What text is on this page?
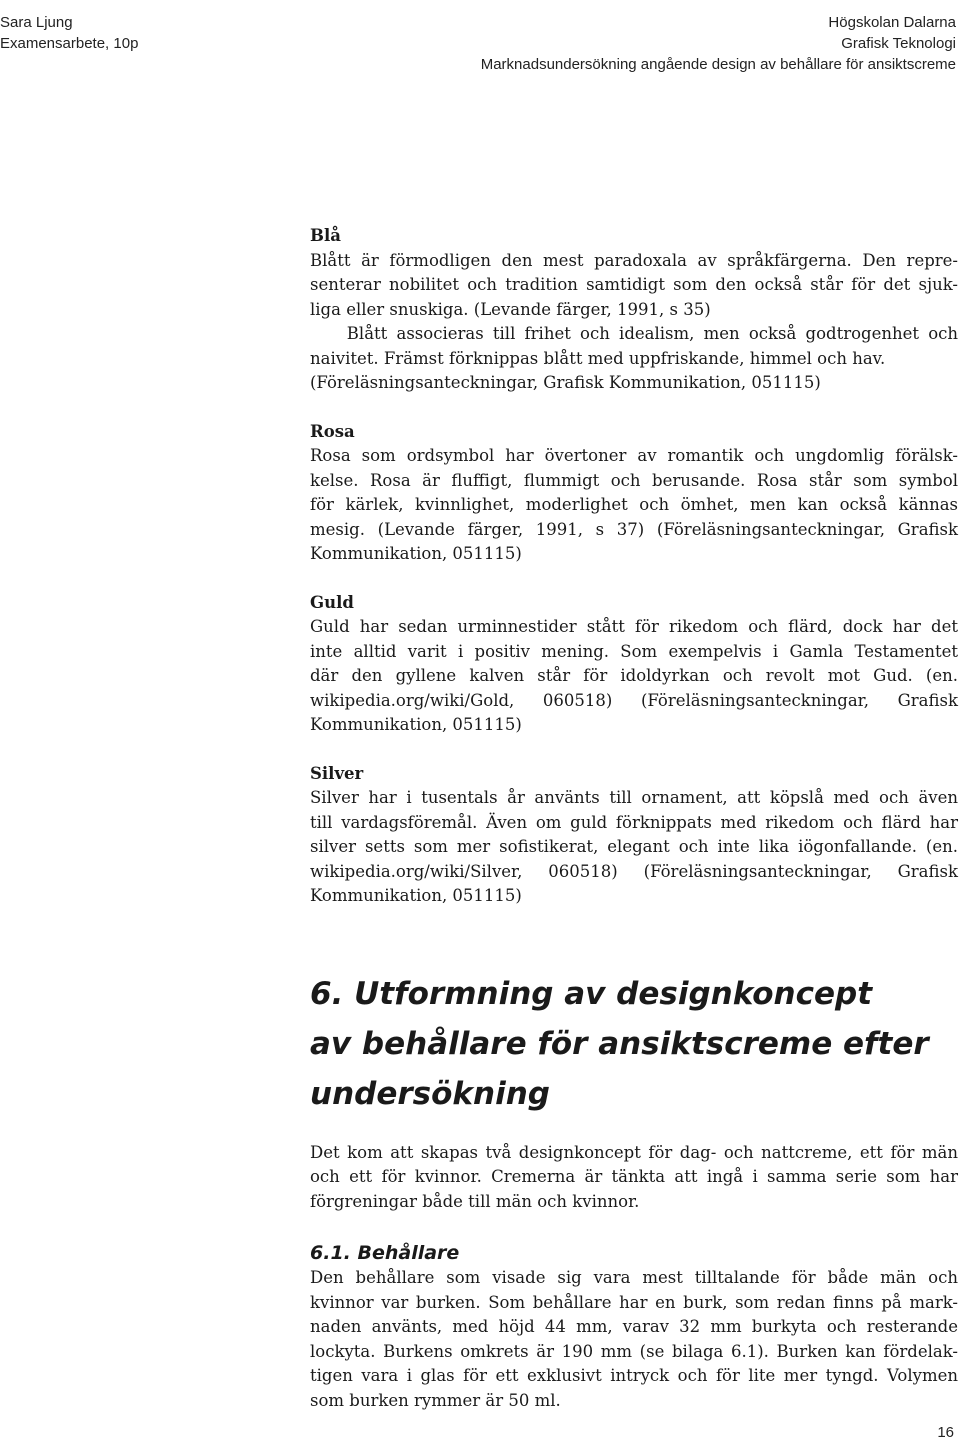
Sara Ljung
Examensarbete, 10p
Högskolan Dalarna
Grafisk Teknologi
Marknadsundersökning angående design av behållare för ansiktscreme

Blå

Blått är förmodligen den mest paradoxala av språkfärgerna. Den repre-
senterar nobilitet och tradition samtidigt som den också står för det sjuk-
liga eller snuskiga. (Levande färger, 1991, s 35)
Blått associeras till frihet och idealism, men också godtrogenhet och
naivitet. Främst förknippas blått med uppfriskande, himmel och hav.
(Föreläsningsanteckningar, Grafisk Kommunikation, 051115)

Rosa

Rosa som ordsymbol har övertoner av romantik och ungdomlig förälsk-
kelse. Rosa är fluffigt, flummigt och berusande. Rosa står som symbol
för kärlek, kvinnlighet, moderlighet och ömhet, men kan också kännas
mesig. (Levande färger, 1991, s 37) (Föreläsningsanteckningar, Grafisk
Kommunikation, 051115)

Guld

Guld har sedan urminnestider stått för rikedom och flärd, dock har det
inte alltid varit i positiv mening. Som exempelvis i Gamla Testamentet
där den gyllene kalven står för idoldyrkan och revolt mot Gud. (en.
wikipedia.org/wiki/Gold, 060518) (Föreläsningsanteckningar, Grafisk
Kommunikation, 051115)

Silver

Silver har i tusentals år använts till ornament, att köpslå med och även
till vardagsföremål. Även om guld förknippats med rikedom och flärd har
silver setts som mer sofistikerat, elegant och inte lika iögonfallande. (en.
wikipedia.org/wiki/Silver, 060518) (Föreläsningsanteckningar, Grafisk
Kommunikation, 051115)

6. Utformning av designkoncept
av behållare för ansiktscreme efter
undersökning

Det kom att skapas två designkoncept för dag- och nattcreme, ett för män
och ett för kvinnor. Cremerna är tänkta att ingå i samma serie som har
förgreningar både till män och kvinnor.

6.1. Behållare

Den behållare som visade sig vara mest tilltalande för både män och
kvinnor var burken. Som behållare har en burk, som redan finns på mark-
naden använts, med höjd 44 mm, varav 32 mm burkyta och resterande
lockyta. Burkens omkrets är 190 mm (se bilaga 6.1). Burken kan fördelak-
tigen vara i glas för ett exklusivt intryck och för lite mer tyngd. Volymen
som burken rymmer är 50 ml.

16
